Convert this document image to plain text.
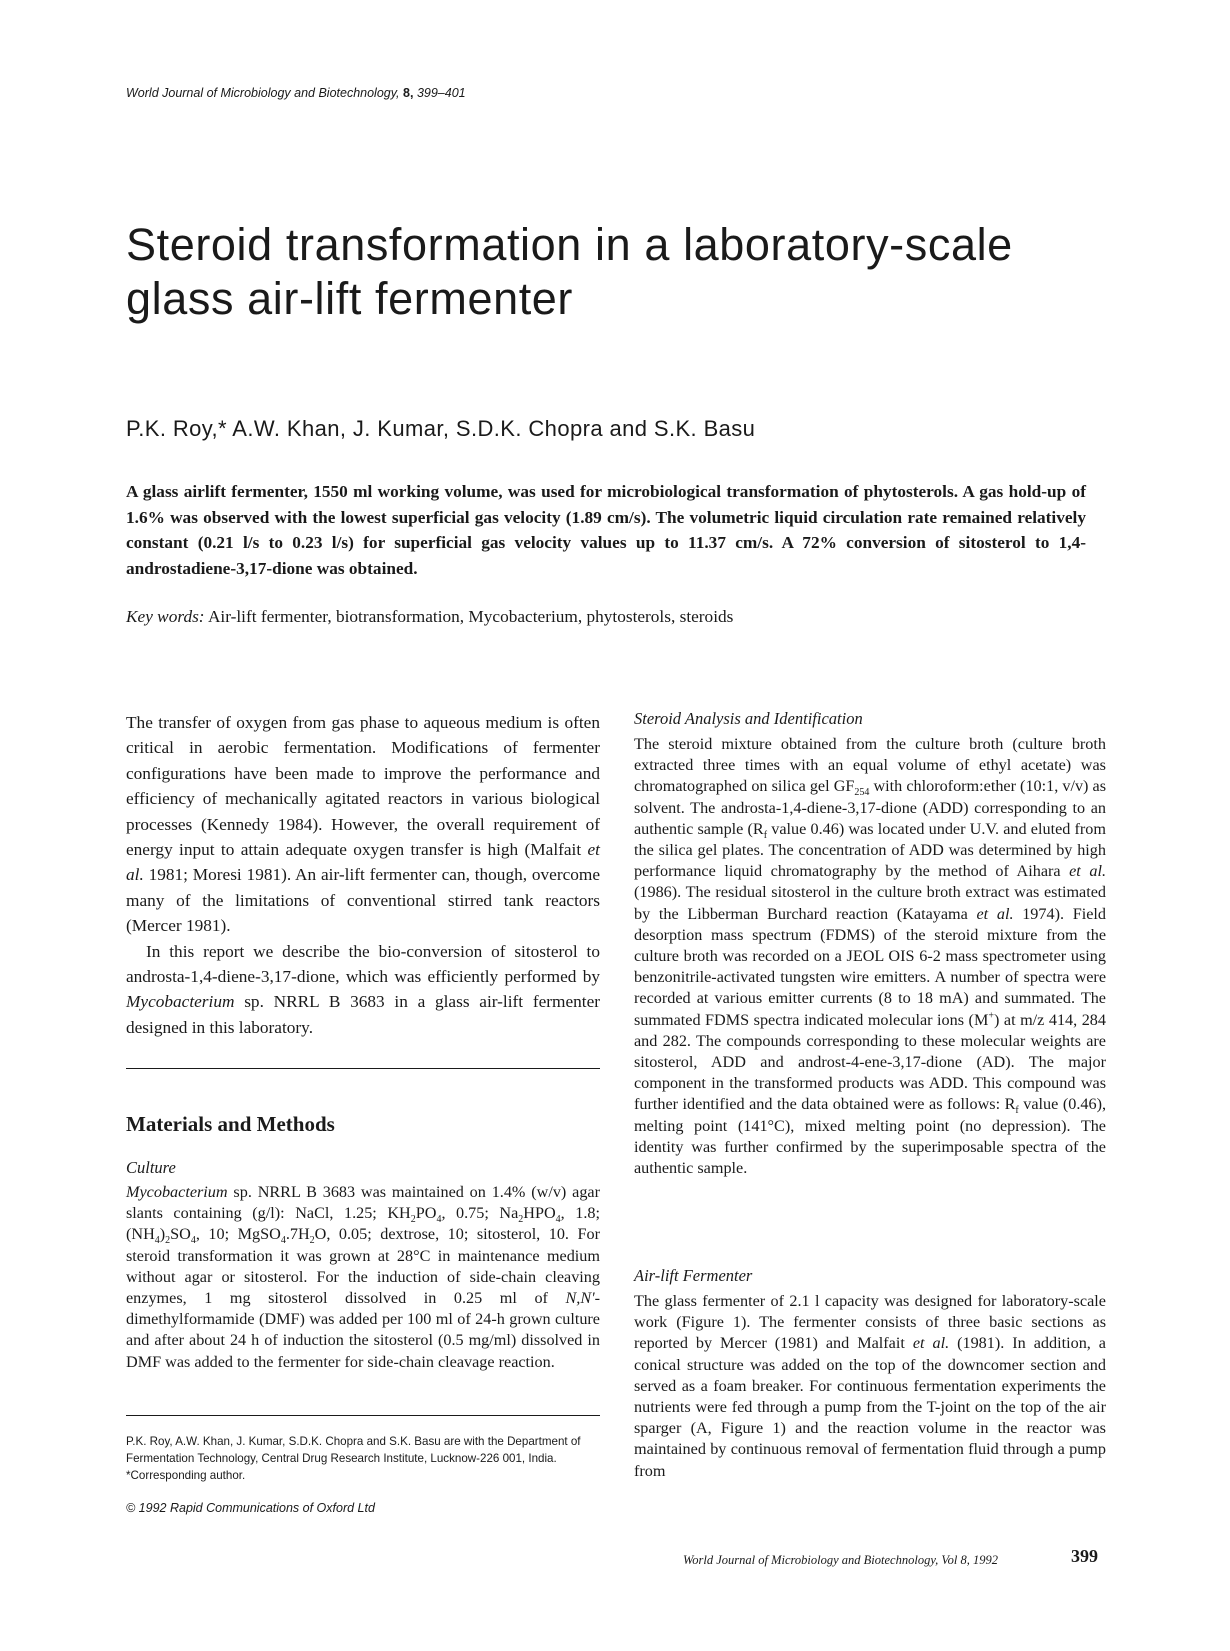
World Journal of Microbiology and Biotechnology, 8, 399–401
Steroid transformation in a laboratory-scale glass air-lift fermenter
P.K. Roy,* A.W. Khan, J. Kumar, S.D.K. Chopra and S.K. Basu

A glass airlift fermenter, 1550 ml working volume, was used for microbiological transformation of phytosterols. A gas hold-up of 1.6% was observed with the lowest superficial gas velocity (1.89 cm/s). The volumetric liquid circulation rate remained relatively constant (0.21 l/s to 0.23 l/s) for superficial gas velocity values up to 11.37 cm/s. A 72% conversion of sitosterol to 1,4-androstadiene-3,17-dione was obtained.

Key words: Air-lift fermenter, biotransformation, Mycobacterium, phytosterols, steroids

The transfer of oxygen from gas phase to aqueous medium is often critical in aerobic fermentation. Modifications of fermenter configurations have been made to improve the performance and efficiency of mechanically agitated reactors in various biological processes (Kennedy 1984). However, the overall requirement of energy input to attain adequate oxygen transfer is high (Malfait et al. 1981; Moresi 1981). An air-lift fermenter can, though, overcome many of the limitations of conventional stirred tank reactors (Mercer 1981).

In this report we describe the bio-conversion of sitosterol to androsta-1,4-diene-3,17-dione, which was efficiently performed by Mycobacterium sp. NRRL B 3683 in a glass air-lift fermenter designed in this laboratory.

Materials and Methods

Culture

Mycobacterium sp. NRRL B 3683 was maintained on 1.4% (w/v) agar slants containing (g/l): NaCl, 1.25; $KH_2PO_4$, 0.75; $Na_2HPO_4$, 1.8; $(NH_4)_2SO_4$, 10; $MgSO_4.7H_2O$, 0.05; dextrose, 10; sitosterol, 10. For steroid transformation it was grown at 28°C in maintenance medium without agar or sitosterol. For the induction of side-chain cleaving enzymes, 1 mg sitosterol dissolved in 0.25 ml of N,N'-dimethylformamide (DMF) was added per 100 ml of 24-h grown culture and after about 24 h of induction the sitosterol (0.5 mg/ml) dissolved in DMF was added to the fermenter for side-chain cleavage reaction.

P.K. Roy, A.W. Khan, J. Kumar, S.D.K. Chopra and S.K. Basu are with the Department of Fermentation Technology, Central Drug Research Institute, Lucknow-226 001, India. *Corresponding author.
© 1992 Rapid Communications of Oxford Ltd

Steroid Analysis and Identification

The steroid mixture obtained from the culture broth (culture broth extracted three times with an equal volume of ethyl acetate) was chromatographed on silica gel $GF_{254}$ with chloroform:ether (10:1, v/v) as solvent. The androsta-1,4-diene-3,17-dione (ADD) corresponding to an authentic sample ($R_f$ value 0.46) was located under U.V. and eluted from the silica gel plates. The concentration of ADD was determined by high performance liquid chromatography by the method of Aihara et al. (1986). The residual sitosterol in the culture broth extract was estimated by the Libberman Burchard reaction (Katayama et al. 1974). Field desorption mass spectrum (FDMS) of the steroid mixture from the culture broth was recorded on a JEOL OIS 6-2 mass spectrometer using benzonitrile-activated tungsten wire emitters. A number of spectra were recorded at various emitter currents (8 to 18 mA) and summated. The summated FDMS spectra indicated molecular ions (M+) at m/z 414, 284 and 282. The compounds corresponding to these molecular weights are sitosterol, ADD and androst-4-ene-3,17-dione (AD). The major component in the transformed products was ADD. This compound was further identified and the data obtained were as follows: $R_f$ value (0.46), melting point (141°C), mixed melting point (no depression). The identity was further confirmed by the superimposable spectra of the authentic sample.

Air-lift Fermenter

The glass fermenter of 2.1 l capacity was designed for laboratory-scale work (Figure 1). The fermenter consists of three basic sections as reported by Mercer (1981) and Malfait et al. (1981). In addition, a conical structure was added on the top of the downcomer section and served as a foam breaker. For continuous fermentation experiments the nutrients were fed through a pump from the T-joint on the top of the air sparger (A, Figure 1) and the reaction volume in the reactor was maintained by continuous removal of fermentation fluid through a pump from

World Journal of Microbiology and Biotechnology, Vol 8, 1992	399
